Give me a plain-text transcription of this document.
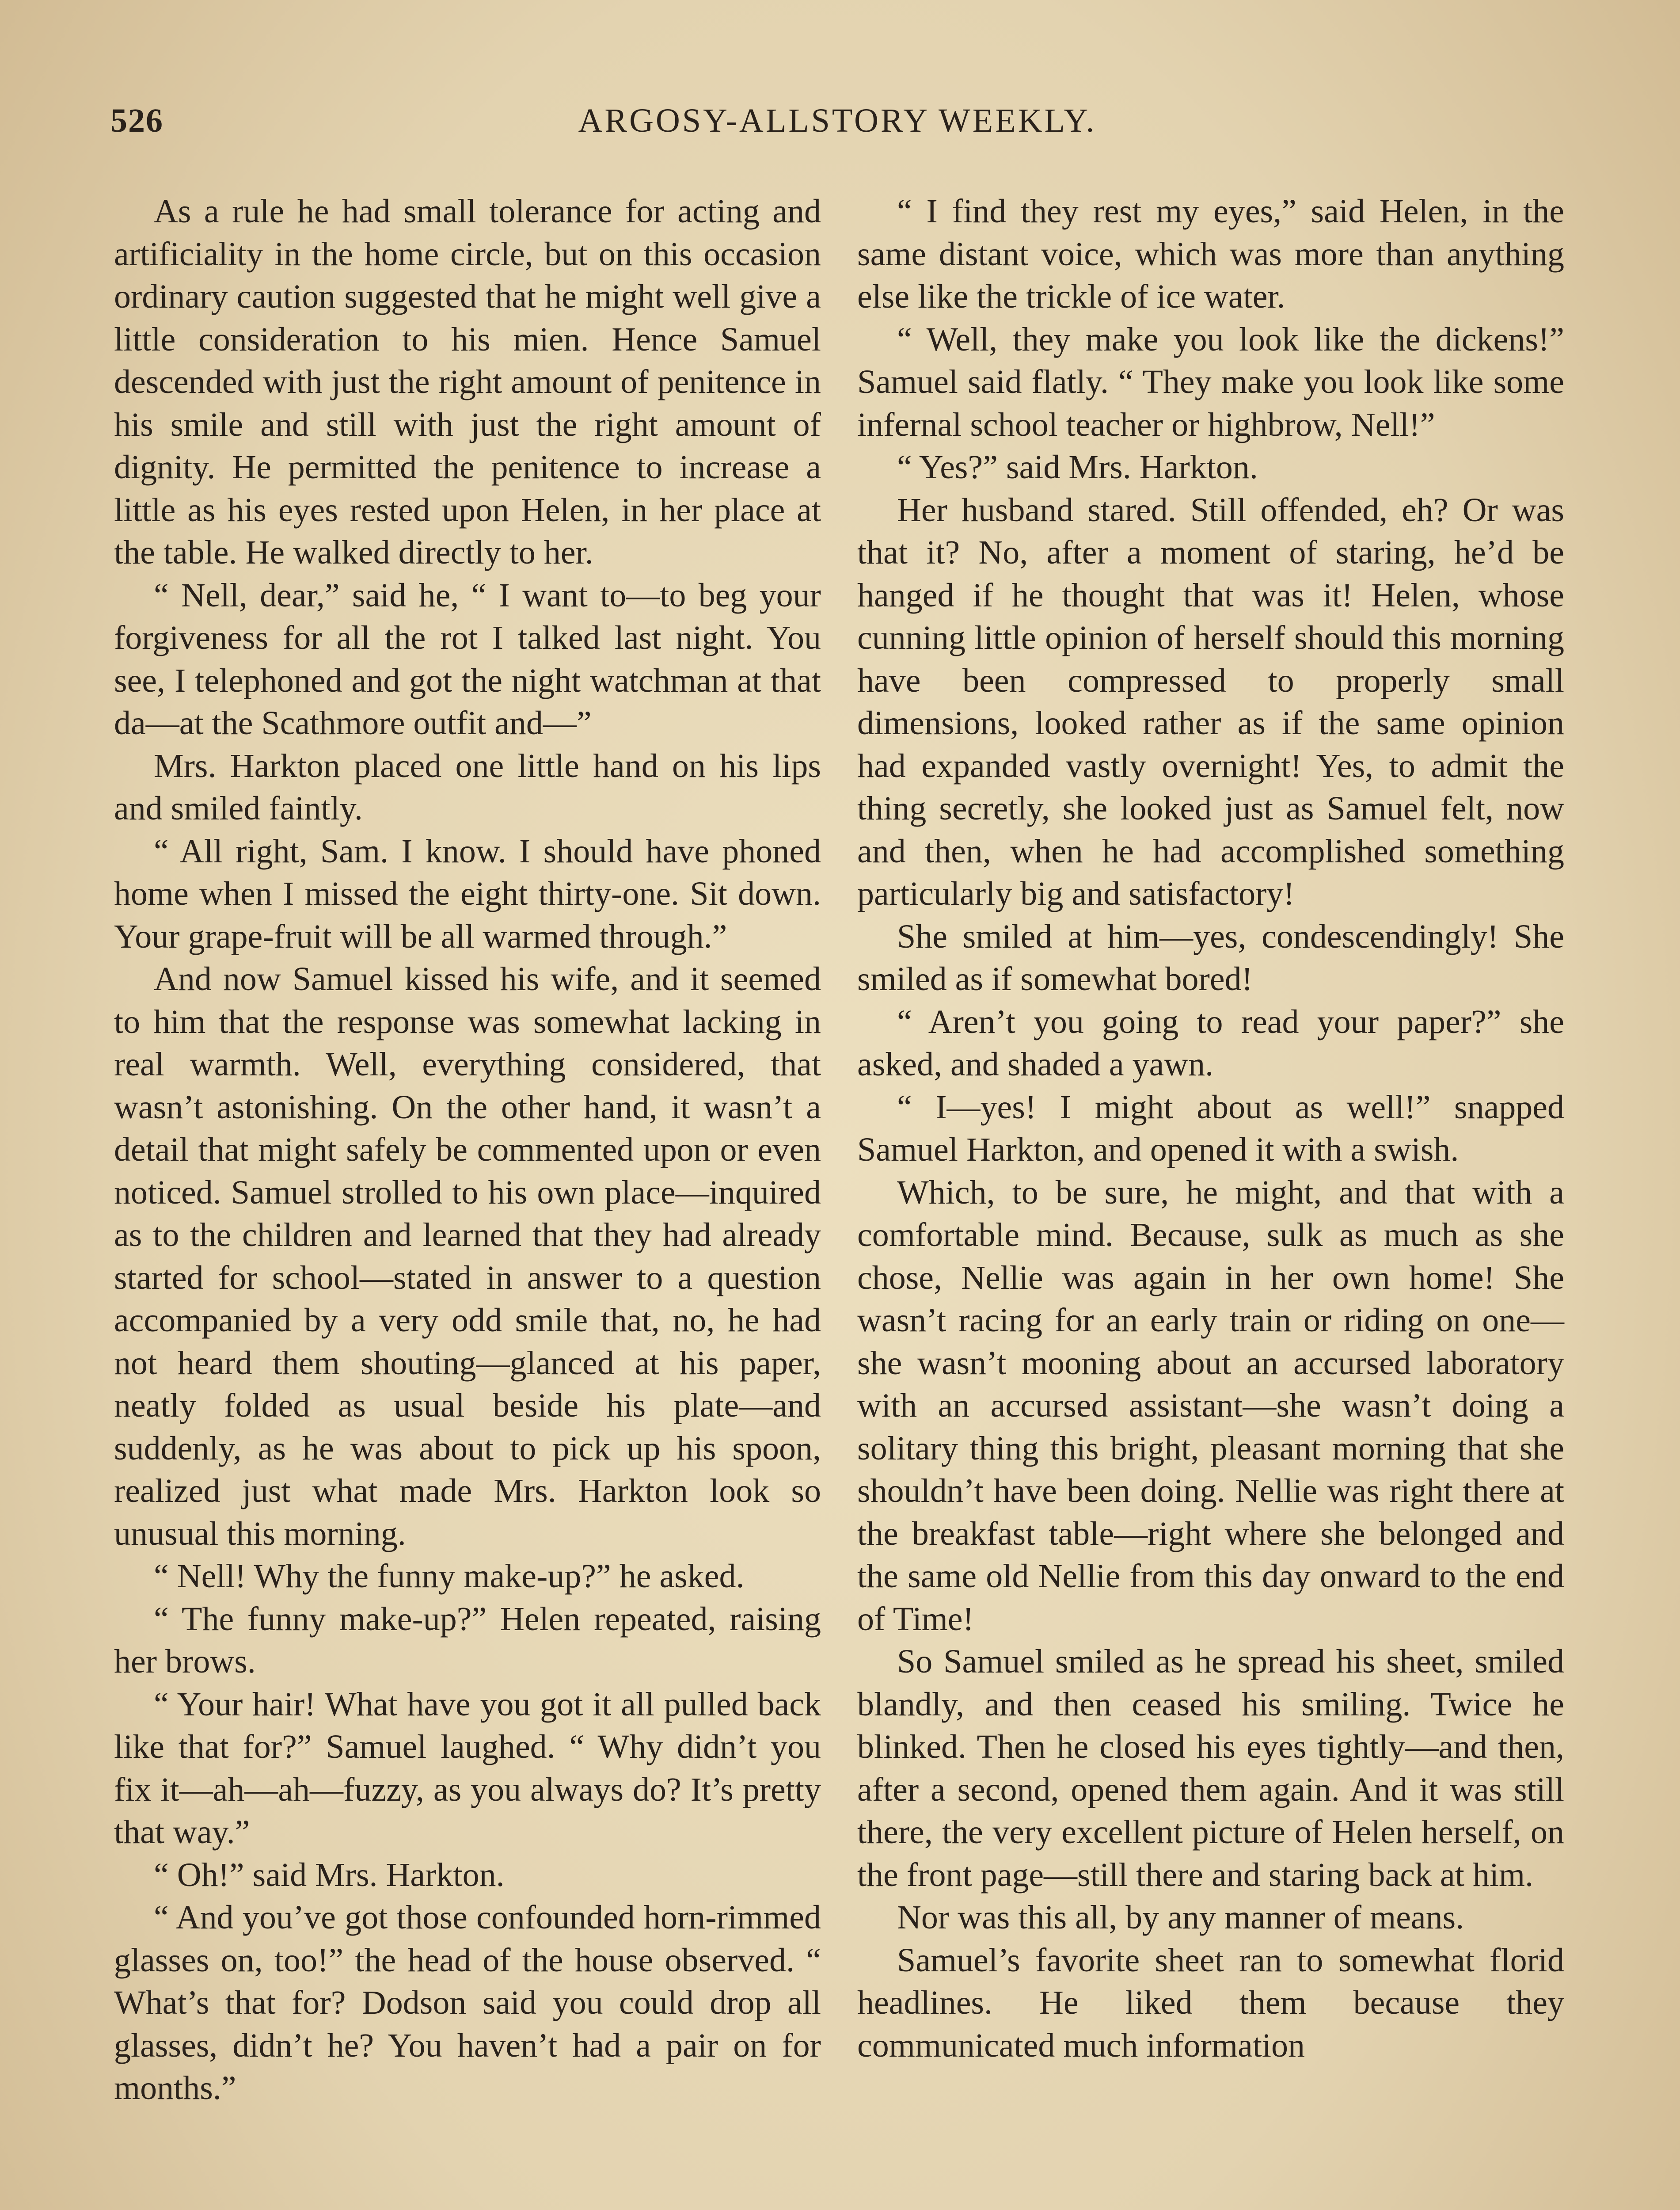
526	ARGOSY-ALLSTORY WEEKLY.

As a rule he had small tolerance for acting and artificiality in the home circle, but on this occasion ordinary caution suggested that he might well give a little consideration to his mien. Hence Samuel descended with just the right amount of penitence in his smile and still with just the right amount of dignity. He permitted the penitence to increase a little as his eyes rested upon Helen, in her place at the table. He walked directly to her.

“ Nell, dear,” said he, “ I want to—to beg your forgiveness for all the rot I talked last night. You see, I telephoned and got the night watchman at that da—at the Scathmore outfit and—”

Mrs. Harkton placed one little hand on his lips and smiled faintly.

“ All right, Sam. I know. I should have phoned home when I missed the eight thirty-one. Sit down. Your grape-fruit will be all warmed through.”

And now Samuel kissed his wife, and it seemed to him that the response was somewhat lacking in real warmth. Well, everything considered, that wasn’t astonishing. On the other hand, it wasn’t a detail that might safely be commented upon or even noticed. Samuel strolled to his own place—inquired as to the children and learned that they had already started for school—stated in answer to a question accompanied by a very odd smile that, no, he had not heard them shouting—glanced at his paper, neatly folded as usual beside his plate—and suddenly, as he was about to pick up his spoon, realized just what made Mrs. Harkton look so unusual this morning.

“ Nell! Why the funny make-up?” he asked.

“ The funny make-up?” Helen repeated, raising her brows.

“ Your hair! What have you got it all pulled back like that for?” Samuel laughed. “ Why didn’t you fix it—ah—ah—fuzzy, as you always do? It’s pretty that way.”

“ Oh!” said Mrs. Harkton.

“ And you’ve got those confounded horn-rimmed glasses on, too!” the head of the house observed. “ What’s that for? Dodson said you could drop all glasses, didn’t he? You haven’t had a pair on for months.”

“ I find they rest my eyes,” said Helen, in the same distant voice, which was more than anything else like the trickle of ice water.

“ Well, they make you look like the dickens!” Samuel said flatly. “ They make you look like some infernal school teacher or highbrow, Nell!”

“ Yes?” said Mrs. Harkton.

Her husband stared. Still offended, eh? Or was that it? No, after a moment of staring, he’d be hanged if he thought that was it! Helen, whose cunning little opinion of herself should this morning have been compressed to properly small dimensions, looked rather as if the same opinion had expanded vastly overnight! Yes, to admit the thing secretly, she looked just as Samuel felt, now and then, when he had accomplished something particularly big and satisfactory!

She smiled at him—yes, condescendingly! She smiled as if somewhat bored!

“ Aren’t you going to read your paper?” she asked, and shaded a yawn.

“ I—yes! I might about as well!” snapped Samuel Harkton, and opened it with a swish.

Which, to be sure, he might, and that with a comfortable mind. Because, sulk as much as she chose, Nellie was again in her own home! She wasn’t racing for an early train or riding on one—she wasn’t mooning about an accursed laboratory with an accursed assistant—she wasn’t doing a solitary thing this bright, pleasant morning that she shouldn’t have been doing. Nellie was right there at the breakfast table—right where she belonged and the same old Nellie from this day onward to the end of Time!

So Samuel smiled as he spread his sheet, smiled blandly, and then ceased his smiling. Twice he blinked. Then he closed his eyes tightly—and then, after a second, opened them again. And it was still there, the very excellent picture of Helen herself, on the front page—still there and staring back at him.

Nor was this all, by any manner of means.

Samuel’s favorite sheet ran to somewhat florid headlines. He liked them because they communicated much information
